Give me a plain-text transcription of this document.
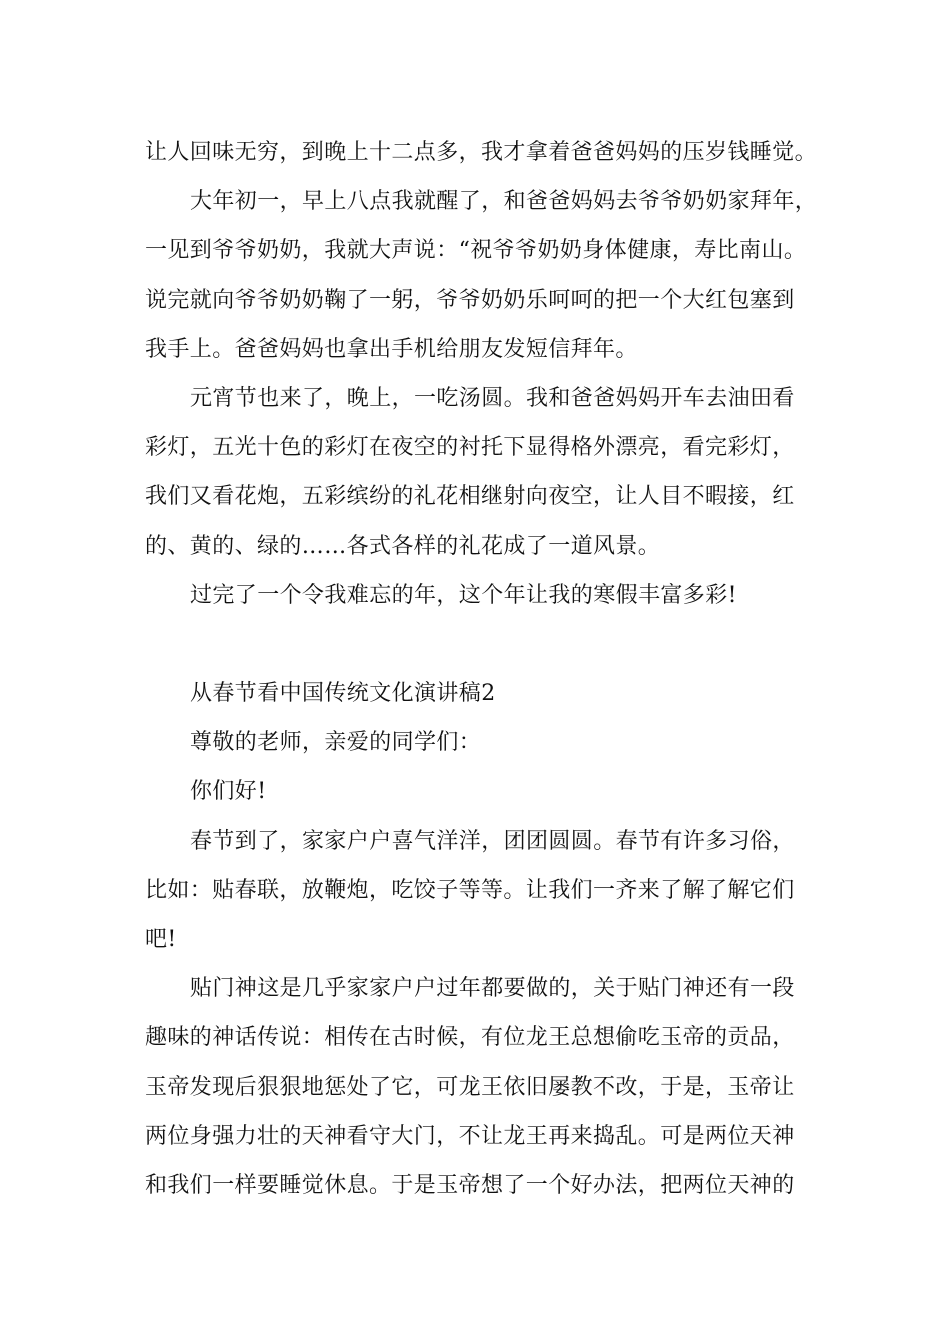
让人回味无穷，到晚上十二点多，我才拿着爸爸妈妈的压岁钱睡觉。
大年初一，早上八点我就醒了，和爸爸妈妈去爷爷奶奶家拜年，
一见到爷爷奶奶，我就大声说：“祝爷爷奶奶身体健康，寿比南山。
说完就向爷爷奶奶鞠了一躬，爷爷奶奶乐呵呵的把一个大红包塞到
我手上。爸爸妈妈也拿出手机给朋友发短信拜年。
元宵节也来了，晚上，一吃汤圆。我和爸爸妈妈开车去油田看
彩灯，五光十色的彩灯在夜空的衬托下显得格外漂亮，看完彩灯，
我们又看花炮，五彩缤纷的礼花相继射向夜空，让人目不暇接，红
的、黄的、绿的……各式各样的礼花成了一道风景。
过完了一个令我难忘的年，这个年让我的寒假丰富多彩!
从春节看中国传统文化演讲稿2
尊敬的老师，亲爱的同学们：
你们好!
春节到了，家家户户喜气洋洋，团团圆圆。春节有许多习俗，
比如：贴春联，放鞭炮，吃饺子等等。让我们一齐来了解了解它们
吧!
贴门神这是几乎家家户户过年都要做的，关于贴门神还有一段
趣味的神话传说：相传在古时候，有位龙王总想偷吃玉帝的贡品，
玉帝发现后狠狠地惩处了它，可龙王依旧屡教不改，于是，玉帝让
两位身强力壮的天神看守大门，不让龙王再来捣乱。可是两位天神
和我们一样要睡觉休息。于是玉帝想了一个好办法，把两位天神的
